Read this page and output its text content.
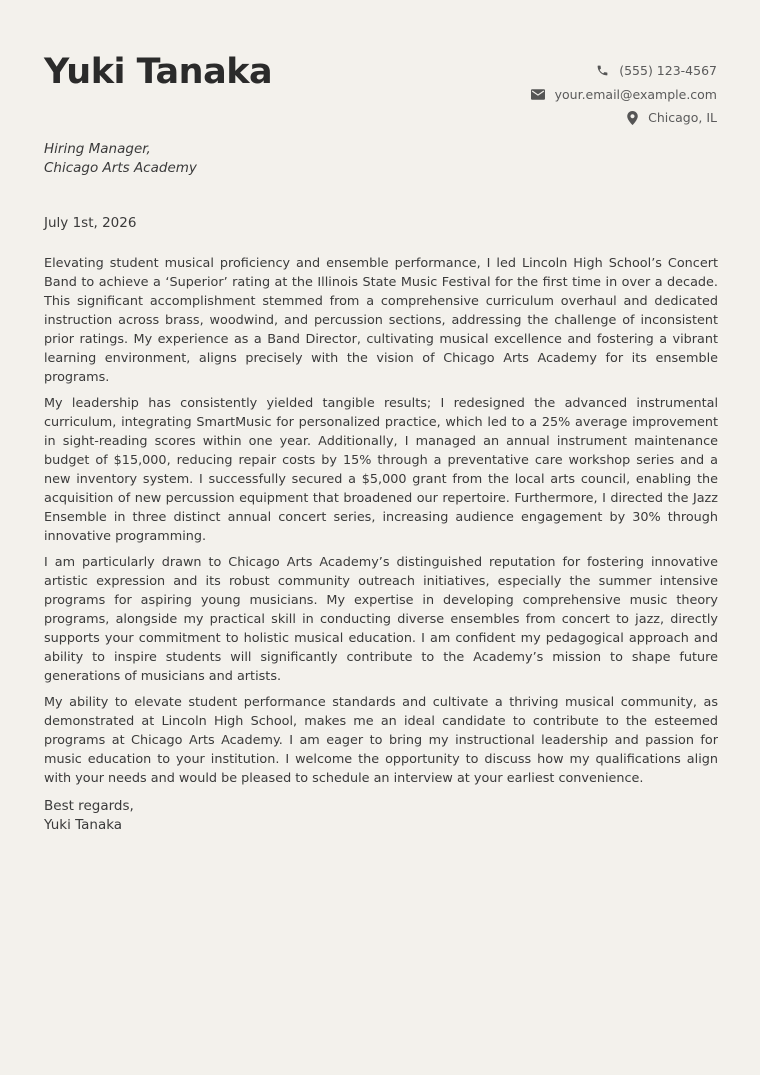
Yuki Tanaka	(555) 123-4567
your.email@example.com
Chicago, IL
Hiring Manager,
Chicago Arts Academy
July 1st, 2026

Elevating student musical proficiency and ensemble performance, I led Lincoln High School’s Concert Band to achieve a ‘Superior’ rating at the Illinois State Music Festival for the first time in over a decade. This significant accomplishment stemmed from a comprehensive curriculum overhaul and dedicated instruction across brass, woodwind, and percussion sections, addressing the challenge of inconsistent prior ratings. My experience as a Band Director, cultivating musical excellence and fostering a vibrant learning environment, aligns precisely with the vision of Chicago Arts Academy for its ensemble programs.

My leadership has consistently yielded tangible results; I redesigned the advanced instrumental curriculum, integrating SmartMusic for personalized practice, which led to a 25% average improvement in sight-reading scores within one year. Additionally, I managed an annual instrument maintenance budget of $15,000, reducing repair costs by 15% through a preventative care workshop series and a new inventory system. I successfully secured a $5,000 grant from the local arts council, enabling the acquisition of new percussion equipment that broadened our repertoire. Furthermore, I directed the Jazz Ensemble in three distinct annual concert series, increasing audience engagement by 30% through innovative programming.

I am particularly drawn to Chicago Arts Academy’s distinguished reputation for fostering innovative artistic expression and its robust community outreach initiatives, especially the summer intensive programs for aspiring young musicians. My expertise in developing comprehensive music theory programs, alongside my practical skill in conducting diverse ensembles from concert to jazz, directly supports your commitment to holistic musical education. I am confident my pedagogical approach and ability to inspire students will significantly contribute to the Academy’s mission to shape future generations of musicians and artists.

My ability to elevate student performance standards and cultivate a thriving musical community, as demonstrated at Lincoln High School, makes me an ideal candidate to contribute to the esteemed programs at Chicago Arts Academy. I am eager to bring my instructional leadership and passion for music education to your institution. I welcome the opportunity to discuss how my qualifications align with your needs and would be pleased to schedule an interview at your earliest convenience.

Best regards,
Yuki Tanaka
